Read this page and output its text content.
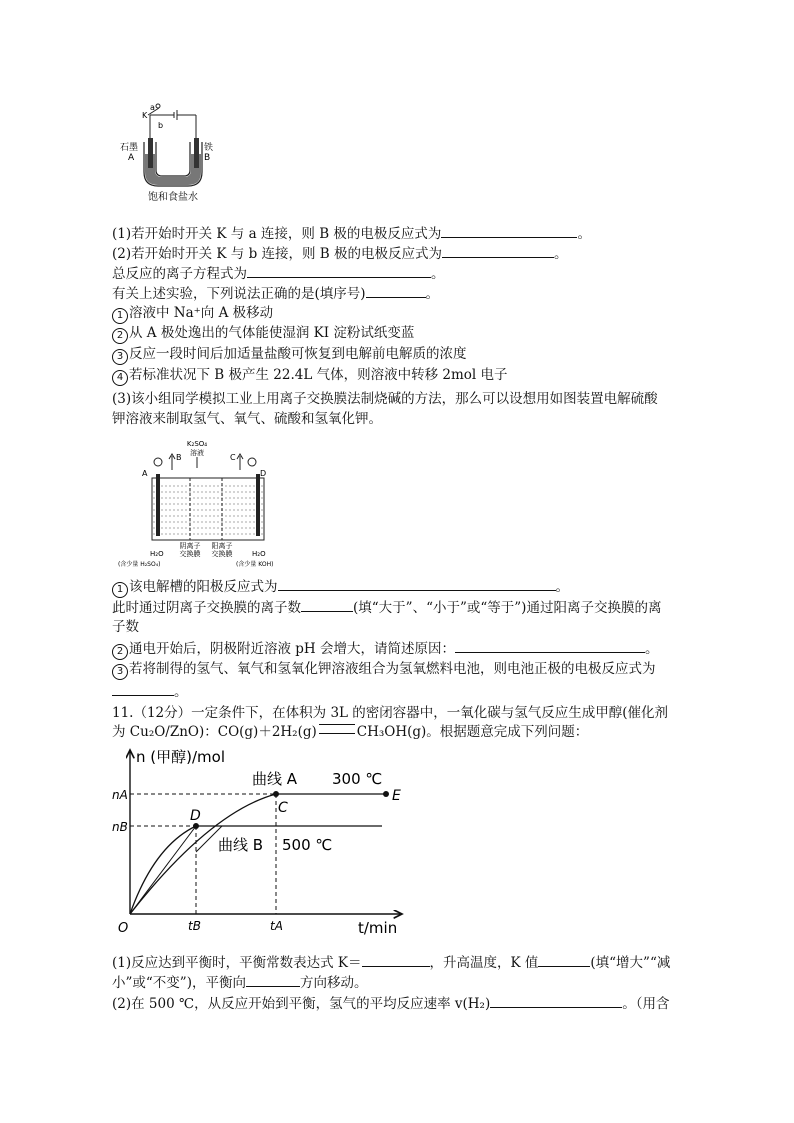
a
K
b
石墨
A
铁
B
饱和食盐水
(1)若开始时开关 K 与 a 连接，则 B 极的电极反应式为	。
(2)若开始时开关 K 与 b 连接，则 B 极的电极反应式为	。
总反应的离子方程式为	。
有关上述实验，下列说法正确的是(填序号)	。
1 溶液中 Na⁺向 A 极移动
2 从 A 极处逸出的气体能使湿润 KI 淀粉试纸变蓝
3 反应一段时间后加适量盐酸可恢复到电解前电解质的浓度
4 若标准状况下 B 极产生 22.4L 气体，则溶液中转移 2mol 电子
(3)该小组同学模拟工业上用离子交换膜法制烧碱的方法，那么可以设想用如图装置电解硫酸
钾溶液来制取氢气、氧气、硫酸和氢氧化钾。
K₂SO₄
溶液
B	C
A	D
阴离子
交换膜
阳离子
交换膜
H₂O
(含少量 H₂SO₄)
H₂O
(含少量 KOH)
1 该电解槽的阳极反应式为	。
此时通过阴离子交换膜的离子数	(填“大于”、“小于”或“等于”)通过阳离子交换膜的离
子数
2 通电开始后，阴极附近溶液 pH 会增大，请简述原因：	。
3 若将制得的氢气、氧气和氢氧化钾溶液组合为氢氧燃料电池，则电池正极的电极反应式为
。
11.（12分）一定条件下，在体积为 3L 的密闭容器中，一氧化碳与氢气反应生成甲醇(催化剂
为 Cu₂O/ZnO)：CO(g)＋2H₂(g)	CH₃OH(g)。根据题意完成下列问题：
n (甲醇)/mol
t/min
O
nA
nB
tB	tA
C
D
E
曲线 A 300 ℃
曲线 B 500 ℃
(1)反应达到平衡时，平衡常数表达式 K＝	，升高温度，K 值	(填“增大”“减
小”或“不变”)，平衡向	方向移动。
(2)在 500 ℃，从反应开始到平衡，氢气的平均反应速率 v(H₂)	。（用含
